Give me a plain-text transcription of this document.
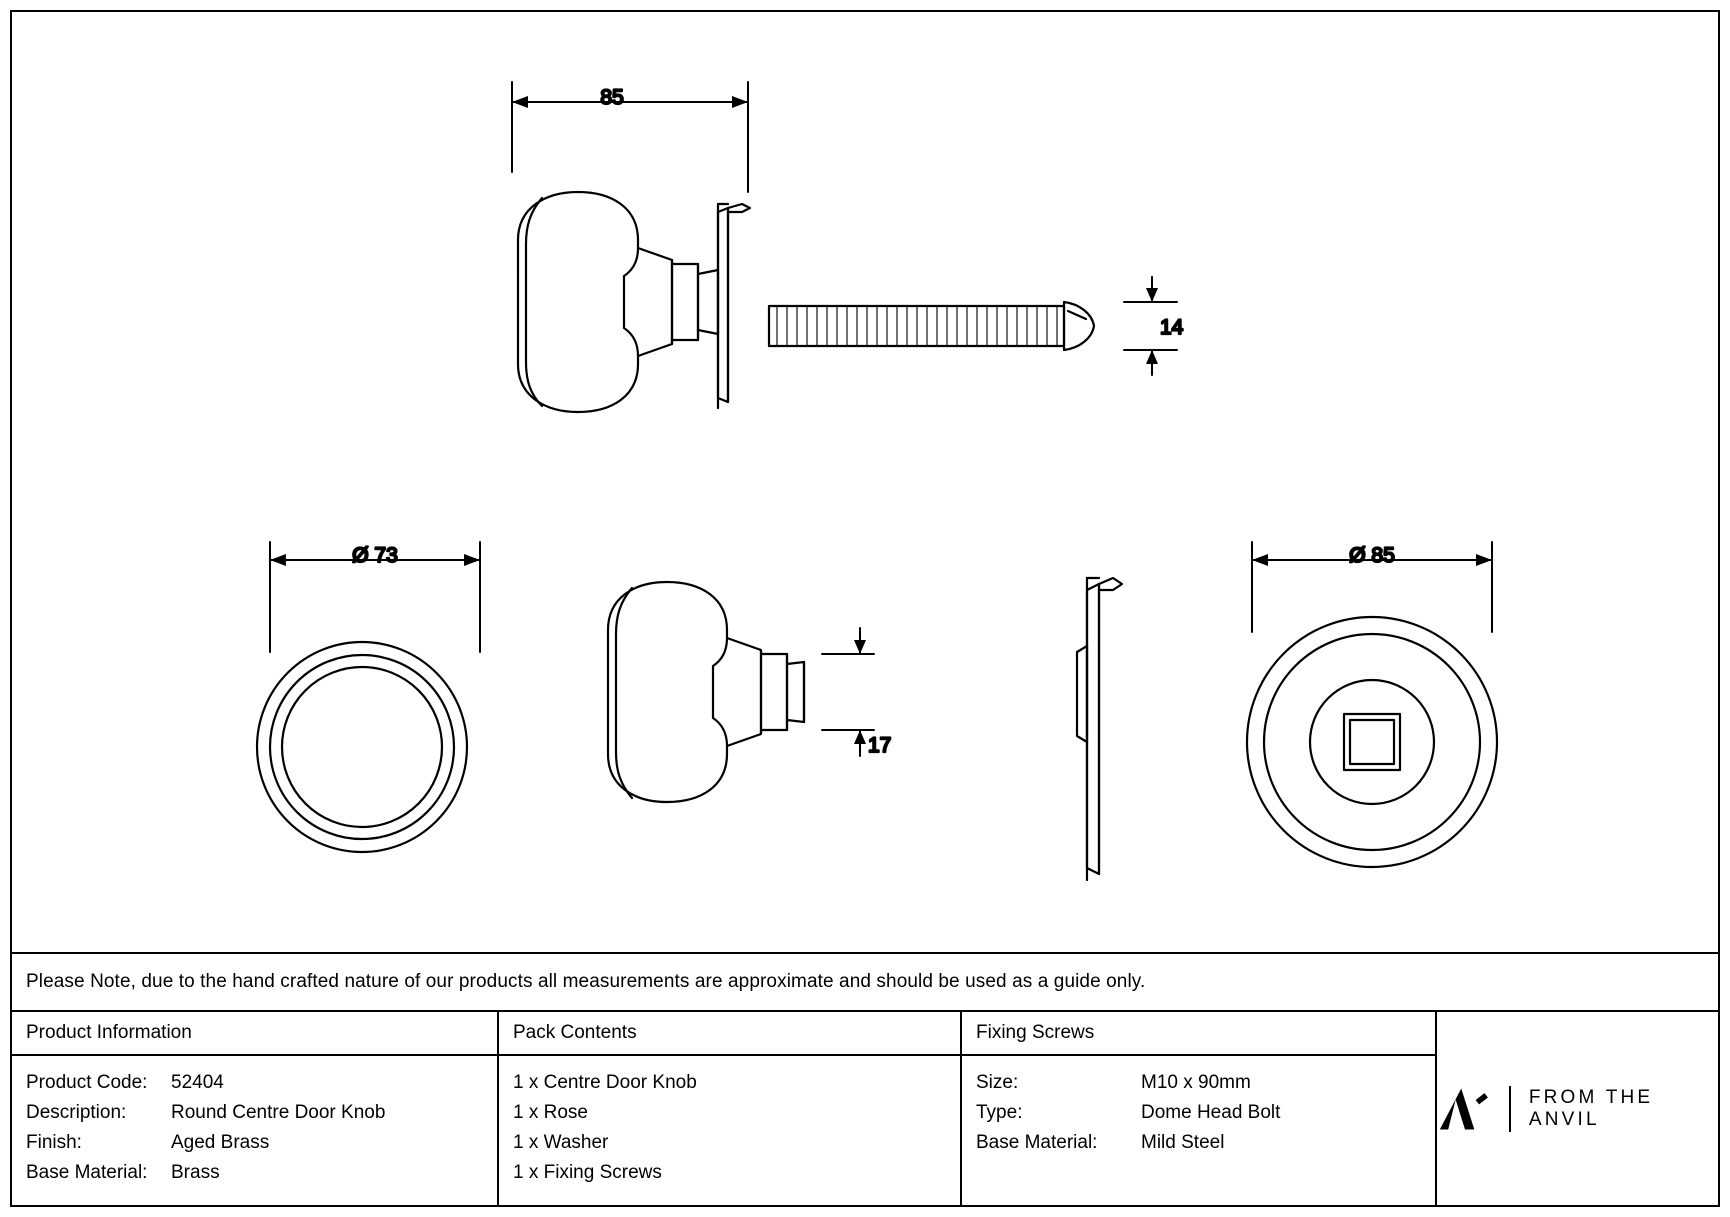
14
85
Ø 73
17
Ø 85
Please Note, due to the hand crafted nature of our products all measurements are approximate and should be used as a guide only.
Product Information
Product Code:	52404
Description:	Round Centre Door Knob
Finish:	Aged Brass
Base Material:	Brass
Pack Contents
1 x Centre Door Knob
1 x Rose
1 x Washer
1 x Fixing Screws
Fixing Screws
Size:	M10 x 90mm
Type:	Dome Head Bolt
Base Material:	Mild Steel
FROM THE ANVIL
